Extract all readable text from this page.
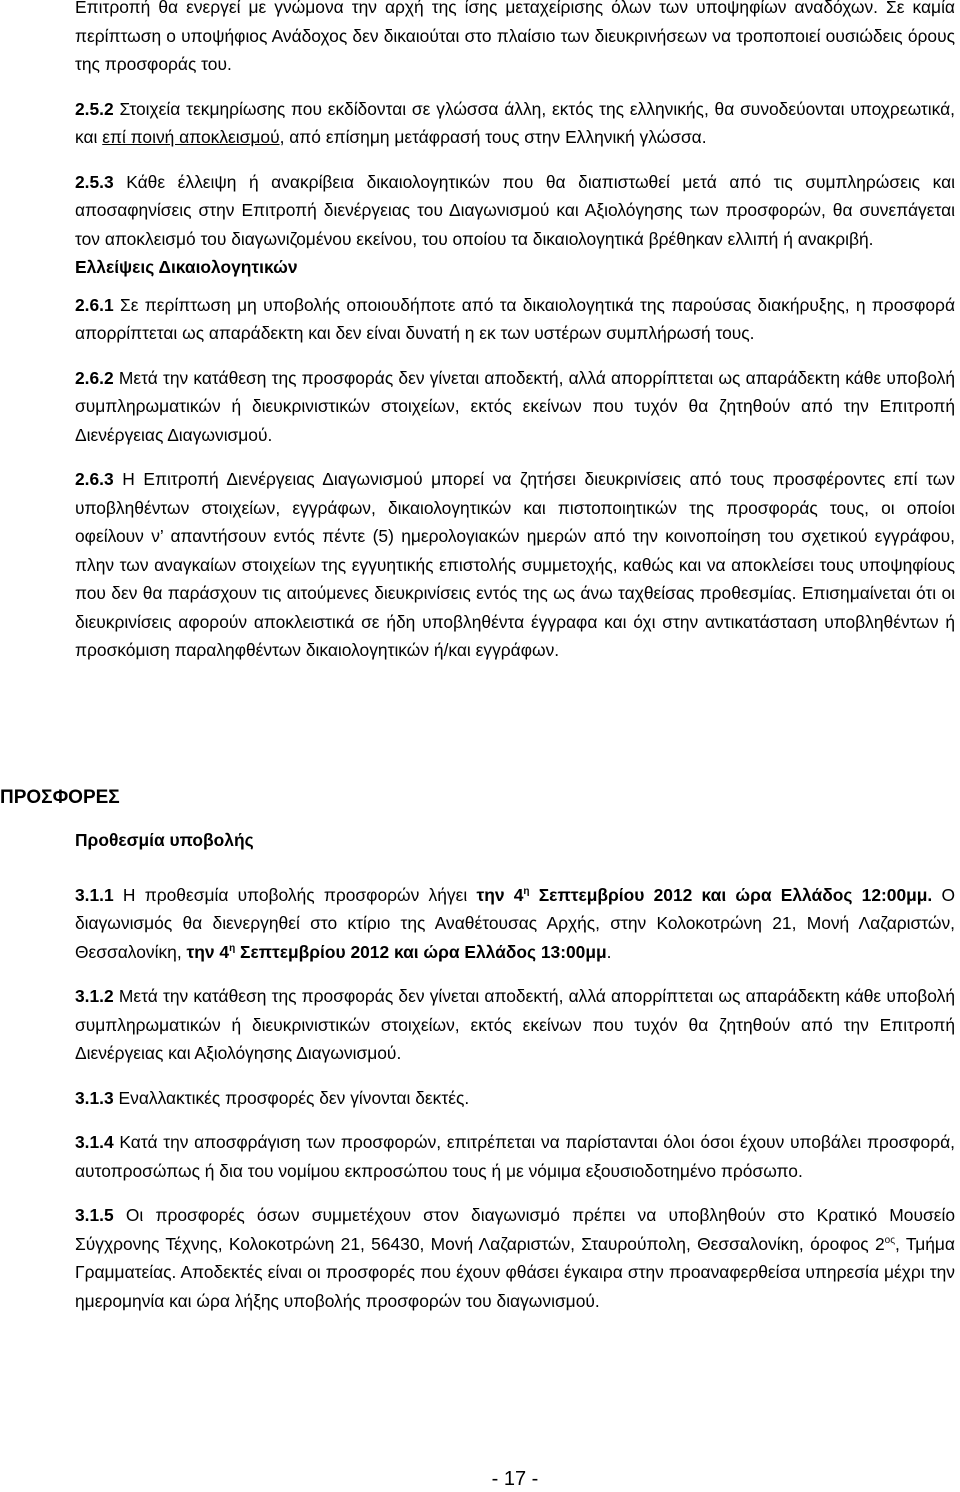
Επιτροπή θα ενεργεί με γνώμονα την αρχή της ίσης μεταχείρισης όλων των υποψηφίων αναδόχων. Σε καμία περίπτωση ο υποψήφιος Ανάδοχος δεν δικαιούται στο πλαίσιο των διευκρινήσεων να τροποποιεί ουσιώδεις όρους της προσφοράς του.

2.5.2 Στοιχεία τεκμηρίωσης που εκδίδονται σε γλώσσα άλλη, εκτός της ελληνικής, θα συνοδεύονται υποχρεωτικά, και επί ποινή αποκλεισμού, από επίσημη μετάφρασή τους στην Ελληνική γλώσσα.

2.5.3 Κάθε έλλειψη ή ανακρίβεια δικαιολογητικών που θα διαπιστωθεί μετά από τις συμπληρώσεις και αποσαφηνίσεις στην Επιτροπή διενέργειας του Διαγωνισμού και Αξιολόγησης των προσφορών, θα συνεπάγεται τον αποκλεισμό του διαγωνιζομένου εκείνου, του οποίου τα δικαιολογητικά βρέθηκαν ελλιπή ή ανακριβή.

Ελλείψεις Δικαιολογητικών

2.6.1 Σε περίπτωση μη υποβολής οποιουδήποτε από τα δικαιολογητικά της παρούσας διακήρυξης, η προσφορά απορρίπτεται ως απαράδεκτη και δεν είναι δυνατή η εκ των υστέρων συμπλήρωσή τους.

2.6.2 Μετά την κατάθεση της προσφοράς δεν γίνεται αποδεκτή, αλλά απορρίπτεται ως απαράδεκτη κάθε υποβολή συμπληρωματικών ή διευκρινιστικών στοιχείων, εκτός εκείνων που τυχόν θα ζητηθούν από την Επιτροπή Διενέργειας Διαγωνισμού.

2.6.3 Η Επιτροπή Διενέργειας Διαγωνισμού μπορεί να ζητήσει διευκρινίσεις από τους προσφέροντες επί των υποβληθέντων στοιχείων, εγγράφων, δικαιολογητικών και πιστοποιητικών της προσφοράς τους, οι οποίοι οφείλουν ν’ απαντήσουν εντός πέντε (5) ημερολογιακών ημερών από την κοινοποίηση του σχετικού εγγράφου, πλην των αναγκαίων στοιχείων της εγγυητικής επιστολής συμμετοχής, καθώς και να αποκλείσει τους υποψηφίους που δεν θα παράσχουν τις αιτούμενες διευκρινίσεις εντός της ως άνω ταχθείσας προθεσμίας. Επισημαίνεται ότι οι διευκρινίσεις αφορούν αποκλειστικά σε ήδη υποβληθέντα έγγραφα και όχι στην αντικατάσταση υποβληθέντων ή προσκόμιση παραληφθέντων δικαιολογητικών ή/και εγγράφων.

ΠΡΟΣΦΟΡΕΣ

Προθεσμία υποβολής

3.1.1 Η προθεσμία υποβολής προσφορών λήγει την $4^\eta$ Σεπτεμβρίου 2012 και ώρα Ελλάδος 12:00μμ. Ο διαγωνισμός θα διενεργηθεί στο κτίριο της Αναθέτουσας Αρχής, στην Κολοκοτρώνη 21, Μονή Λαζαριστών, Θεσσαλονίκη, την $4^\eta$ Σεπτεμβρίου 2012 και ώρα Ελλάδος 13:00μμ.

3.1.2 Μετά την κατάθεση της προσφοράς δεν γίνεται αποδεκτή, αλλά απορρίπτεται ως απαράδεκτη κάθε υποβολή συμπληρωματικών ή διευκρινιστικών στοιχείων, εκτός εκείνων που τυχόν θα ζητηθούν από την Επιτροπή Διενέργειας και Αξιολόγησης Διαγωνισμού.

3.1.3 Εναλλακτικές προσφορές δεν γίνονται δεκτές.

3.1.4 Κατά την αποσφράγιση των προσφορών, επιτρέπεται να παρίστανται όλοι όσοι έχουν υποβάλει προσφορά, αυτοπροσώπως ή δια του νομίμου εκπροσώπου τους ή με νόμιμα εξουσιοδοτημένο πρόσωπο.

3.1.5 Οι προσφορές όσων συμμετέχουν στον διαγωνισμό πρέπει να υποβληθούν στο Κρατικό Μουσείο Σύγχρονης Τέχνης, Κολοκοτρώνη 21, 56430, Μονή Λαζαριστών, Σταυρούπολη, Θεσσαλονίκη, όροφος $2^{o\varsigma}$, Τμήμα Γραμματείας. Αποδεκτές είναι οι προσφορές που έχουν φθάσει έγκαιρα στην προαναφερθείσα υπηρεσία μέχρι την ημερομηνία και ώρα λήξης υποβολής προσφορών του διαγωνισμού.

- 17 -
